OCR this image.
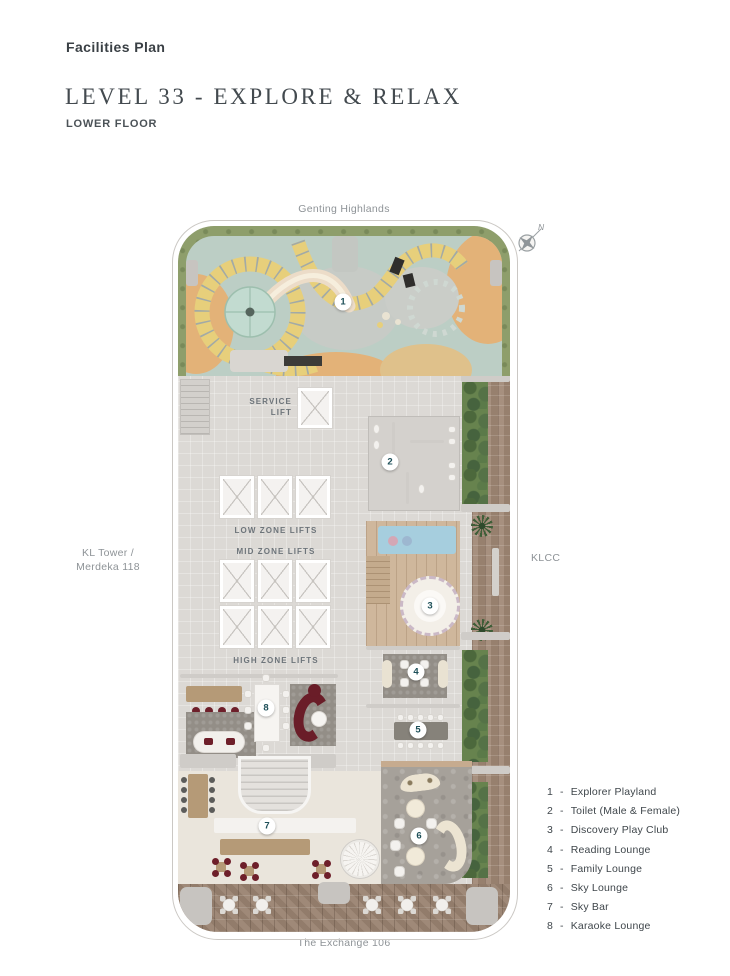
Facilities Plan
LEVEL 33 - EXPLORE & RELAX
LOWER FLOOR
Genting Highlands
KL Tower /
Merdeka 118
KLCC
The Exchange 106
N
SERVICE
LIFT
LOW ZONE LIFTS
MID ZONE LIFTS
HIGH ZONE LIFTS
1
2
3
4
5
6
7
8
1 - Explorer Playland
2 - Toilet (Male & Female)
3 - Discovery Play Club
4 - Reading Lounge
5 - Family Lounge
6 - Sky Lounge
7 - Sky Bar
8 - Karaoke Lounge
